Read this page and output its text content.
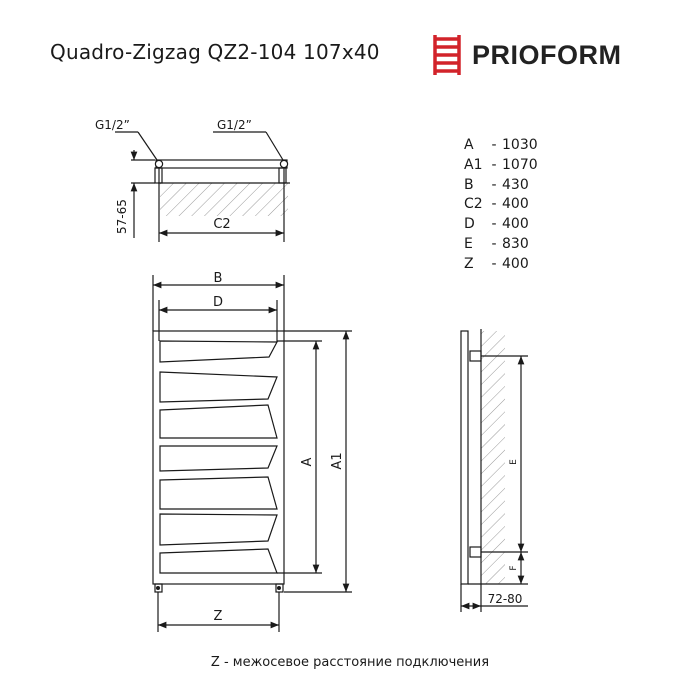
Quadro-Zigzag QZ2-104 107x40	PRIOFORM
G1/2”	G1/2”
57-65	C2
B
D
A A1
Z
E
F
72-80
A	- 1030
A1 - 1070
B	- 430
C2 - 400
D	- 400
E	- 830
Z	- 400
Z - межосевое расстояние подключения
